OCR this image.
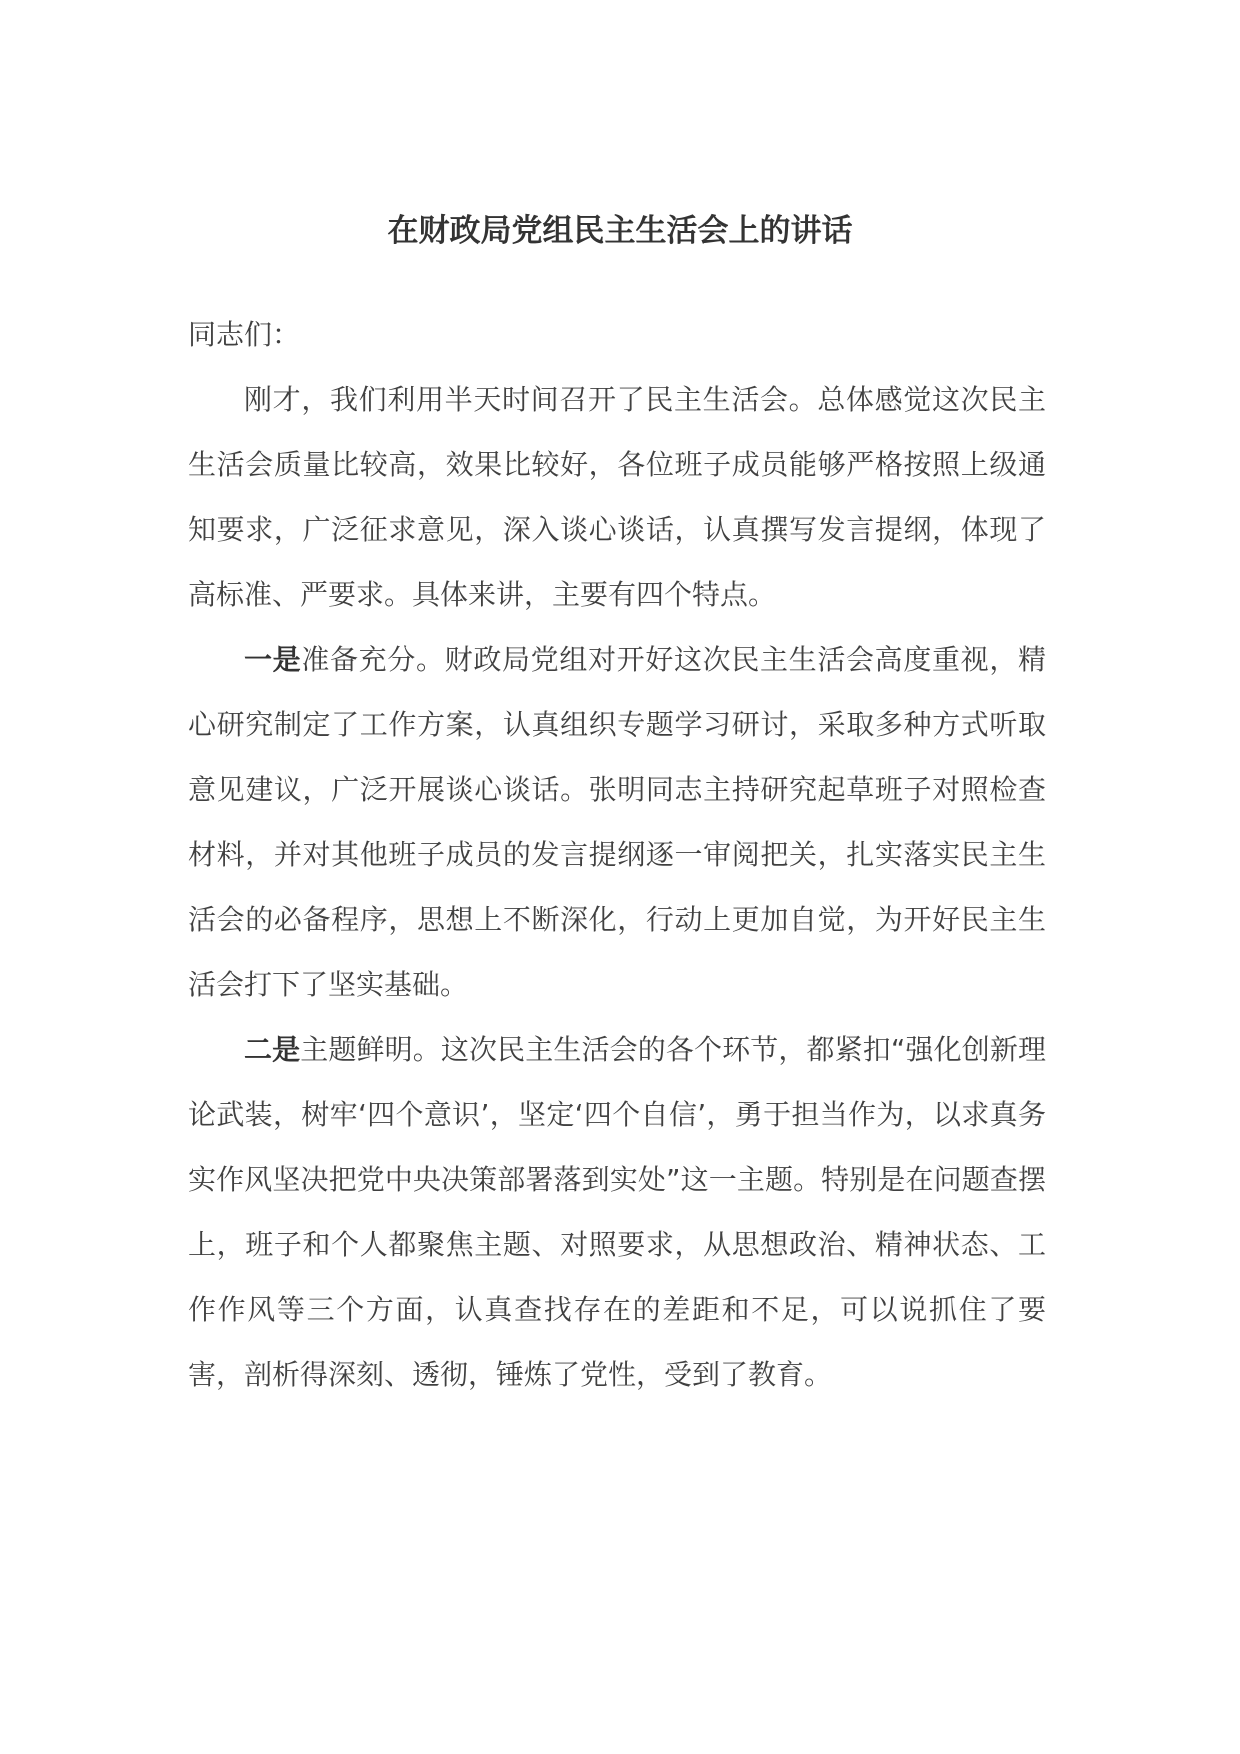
在财政局党组民主生活会上的讲话

同志们：

刚才，我们利用半天时间召开了民主生活会。总体感觉这次民主生活会质量比较高，效果比较好，各位班子成员能够严格按照上级通知要求，广泛征求意见，深入谈心谈话，认真撰写发言提纲，体现了高标准、严要求。具体来讲，主要有四个特点。

一是准备充分。财政局党组对开好这次民主生活会高度重视，精心研究制定了工作方案，认真组织专题学习研讨，采取多种方式听取意见建议，广泛开展谈心谈话。张明同志主持研究起草班子对照检查材料，并对其他班子成员的发言提纲逐一审阅把关，扎实落实民主生活会的必备程序，思想上不断深化，行动上更加自觉，为开好民主生活会打下了坚实基础。

二是主题鲜明。这次民主生活会的各个环节，都紧扣“强化创新理论武装，树牢‘四个意识’，坚定‘四个自信’，勇于担当作为，以求真务实作风坚决把党中央决策部署落到实处”这一主题。特别是在问题查摆上，班子和个人都聚焦主题、对照要求，从思想政治、精神状态、工作作风等三个方面，认真查找存在的差距和不足，可以说抓住了要害，剖析得深刻、透彻，锤炼了党性，受到了教育。
